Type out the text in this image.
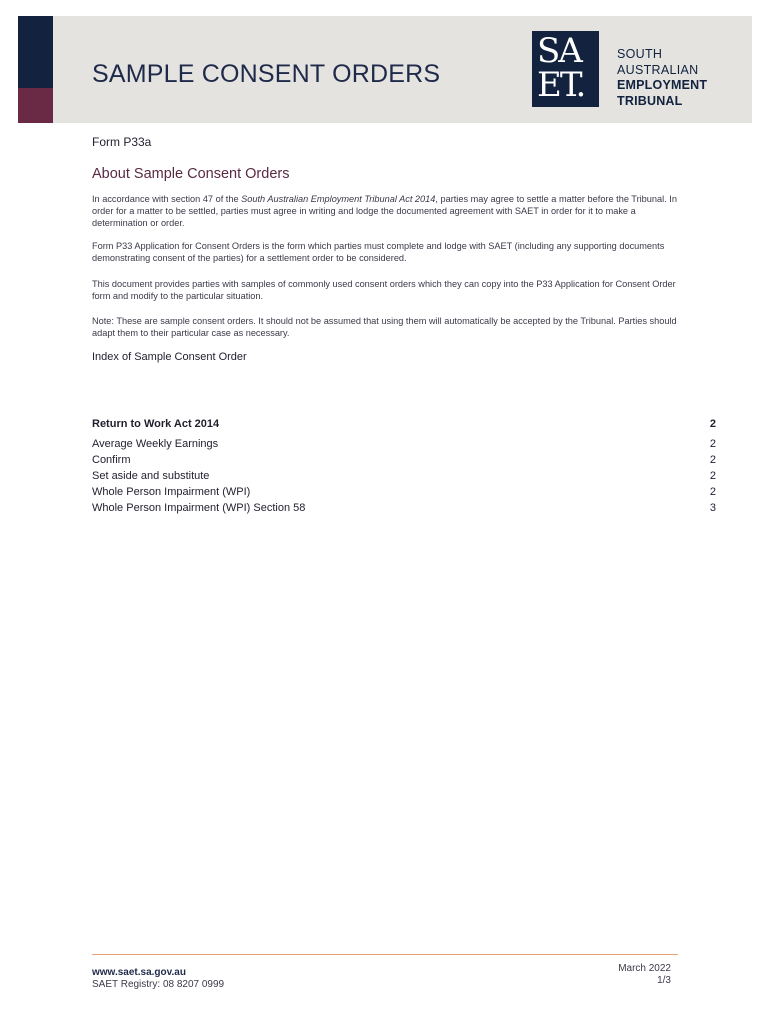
SAMPLE CONSENT ORDERS
SA
ET.
SOUTH
AUSTRALIAN
EMPLOYMENT
TRIBUNAL
Form P33a
About Sample Consent Orders

In accordance with section 47 of the South Australian Employment Tribunal Act 2014, parties may agree to settle a matter before the Tribunal. In order for a matter to be settled, parties must agree in writing and lodge the documented agreement with SAET in order for it to make a determination or order.

Form P33 Application for Consent Orders is the form which parties must complete and lodge with SAET (including any supporting documents demonstrating consent of the parties) for a settlement order to be considered.

This document provides parties with samples of commonly used consent orders which they can copy into the P33 Application for Consent Order form and modify to the particular situation.

Note: These are sample consent orders. It should not be assumed that using them will automatically be accepted by the Tribunal. Parties should adapt them to their particular case as necessary.

Index of Sample Consent Order
Return to Work Act 2014	2
Average Weekly Earnings	2
Confirm	2
Set aside and substitute	2
Whole Person Impairment (WPI)	2
Whole Person Impairment (WPI) Section 58	3
www.saet.sa.gov.au
SAET Registry: 08 8207 0999
March 2022
1/3
